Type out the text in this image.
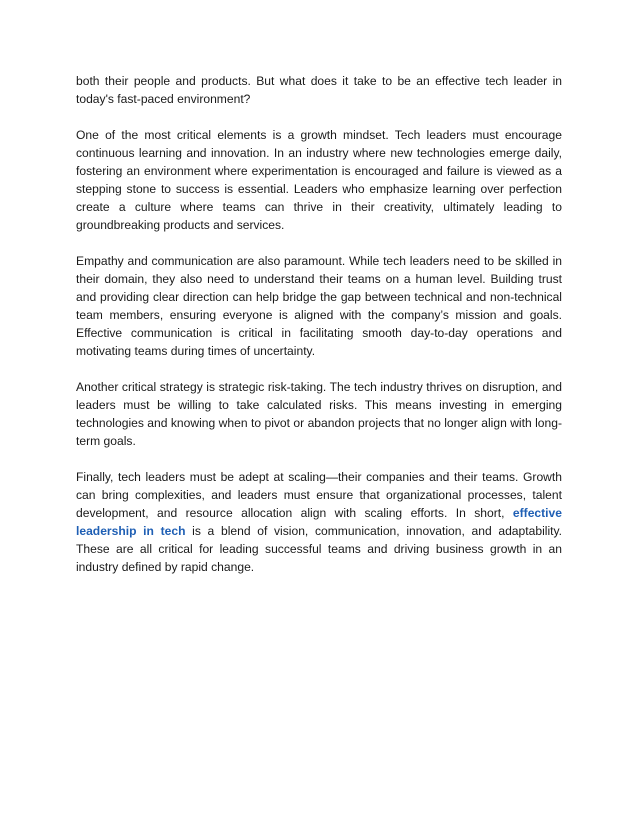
both their people and products. But what does it take to be an effective tech leader in today's fast-paced environment?

One of the most critical elements is a growth mindset. Tech leaders must encourage continuous learning and innovation. In an industry where new technologies emerge daily, fostering an environment where experimentation is encouraged and failure is viewed as a stepping stone to success is essential. Leaders who emphasize learning over perfection create a culture where teams can thrive in their creativity, ultimately leading to groundbreaking products and services.

Empathy and communication are also paramount. While tech leaders need to be skilled in their domain, they also need to understand their teams on a human level. Building trust and providing clear direction can help bridge the gap between technical and non-technical team members, ensuring everyone is aligned with the company’s mission and goals. Effective communication is critical in facilitating smooth day-to-day operations and motivating teams during times of uncertainty.

Another critical strategy is strategic risk-taking. The tech industry thrives on disruption, and leaders must be willing to take calculated risks. This means investing in emerging technologies and knowing when to pivot or abandon projects that no longer align with long-term goals.

Finally, tech leaders must be adept at scaling—their companies and their teams. Growth can bring complexities, and leaders must ensure that organizational processes, talent development, and resource allocation align with scaling efforts. In short, effective leadership in tech is a blend of vision, communication, innovation, and adaptability. These are all critical for leading successful teams and driving business growth in an industry defined by rapid change.
